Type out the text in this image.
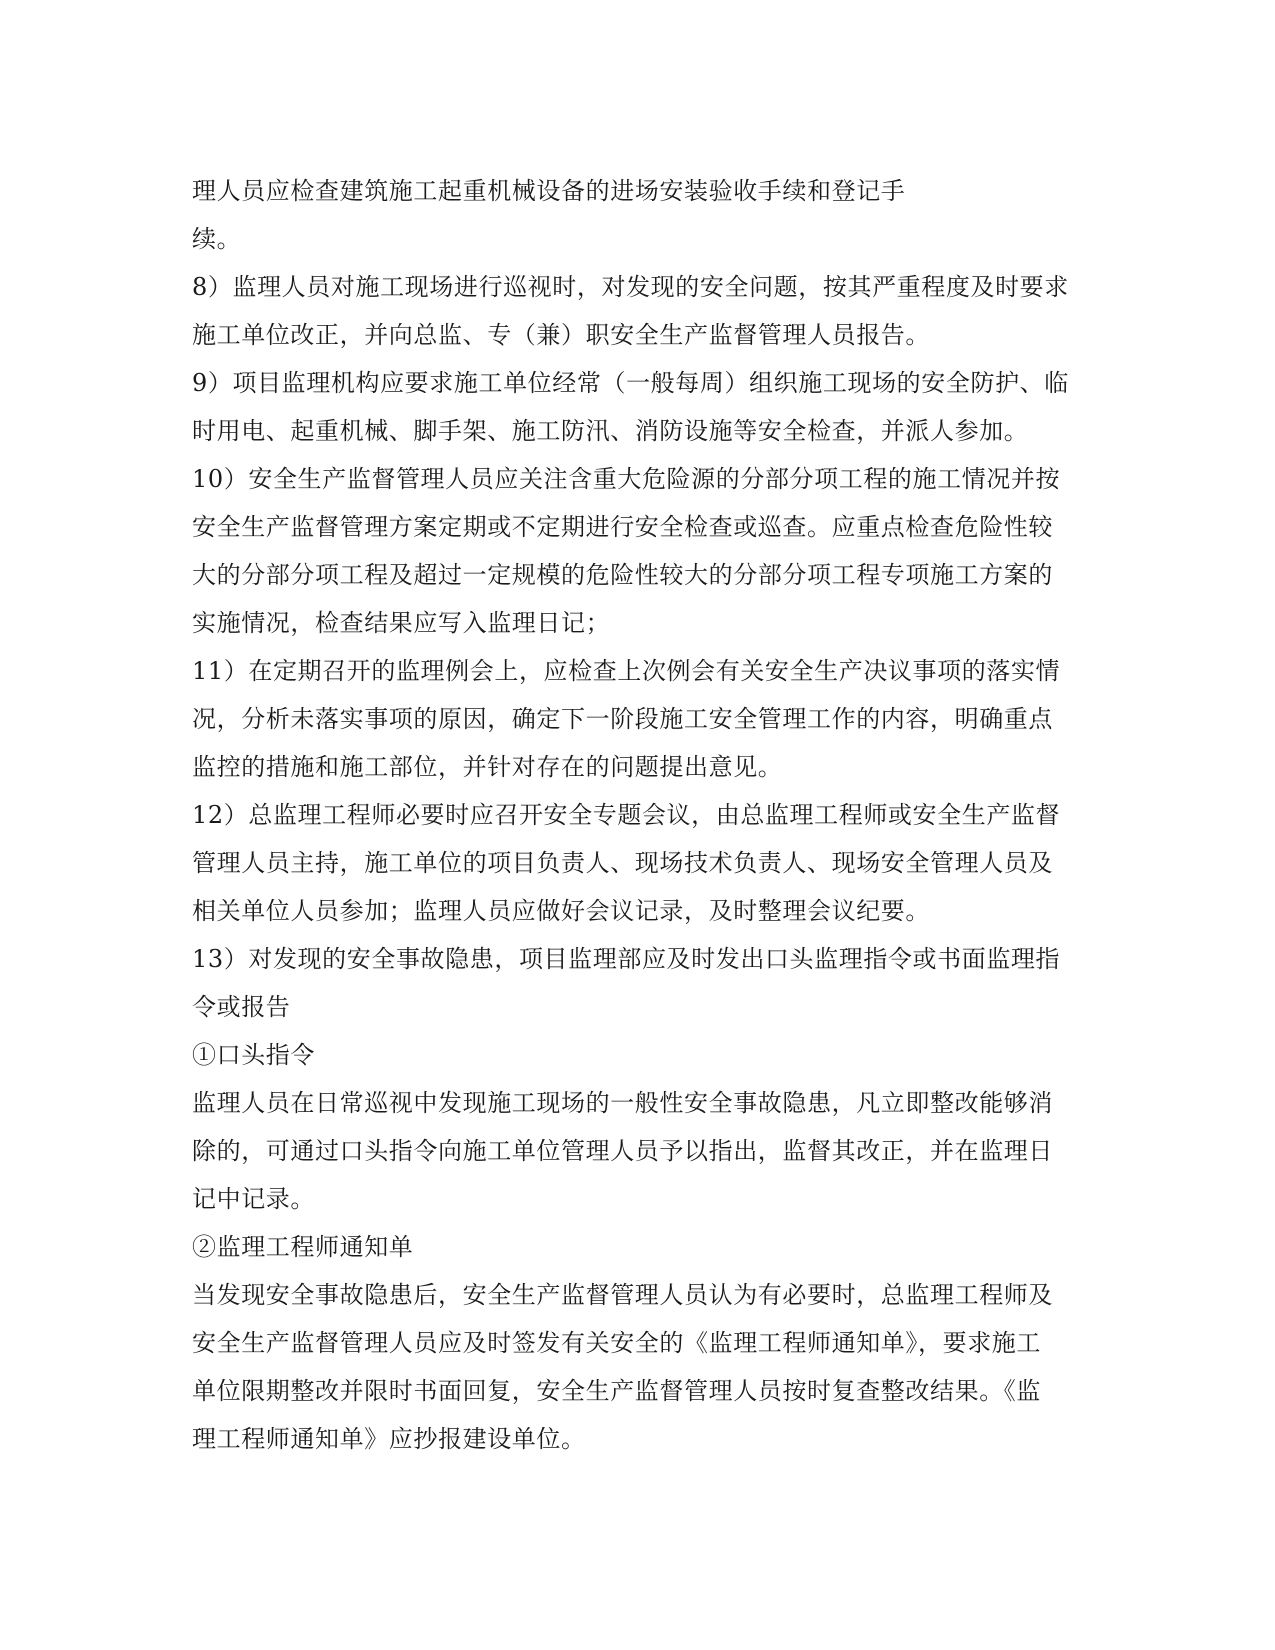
理人员应检查建筑施工起重机械设备的进场安装验收手续和登记手
续。
8）监理人员对施工现场进行巡视时，对发现的安全问题，按其严重程度及时要求
施工单位改正，并向总监、专（兼）职安全生产监督管理人员报告。
9）项目监理机构应要求施工单位经常（一般每周）组织施工现场的安全防护、临
时用电、起重机械、脚手架、施工防汛、消防设施等安全检查，并派人参加。
10）安全生产监督管理人员应关注含重大危险源的分部分项工程的施工情况并按
安全生产监督管理方案定期或不定期进行安全检查或巡查。应重点检查危险性较
大的分部分项工程及超过一定规模的危险性较大的分部分项工程专项施工方案的
实施情况，检查结果应写入监理日记；
11）在定期召开的监理例会上，应检查上次例会有关安全生产决议事项的落实情
况，分析未落实事项的原因，确定下一阶段施工安全管理工作的内容，明确重点
监控的措施和施工部位，并针对存在的问题提出意见。
12）总监理工程师必要时应召开安全专题会议，由总监理工程师或安全生产监督
管理人员主持，施工单位的项目负责人、现场技术负责人、现场安全管理人员及
相关单位人员参加；监理人员应做好会议记录，及时整理会议纪要。
13）对发现的安全事故隐患，项目监理部应及时发出口头监理指令或书面监理指
令或报告
①口头指令
监理人员在日常巡视中发现施工现场的一般性安全事故隐患，凡立即整改能够消
除的，可通过口头指令向施工单位管理人员予以指出，监督其改正，并在监理日
记中记录。
②监理工程师通知单
当发现安全事故隐患后，安全生产监督管理人员认为有必要时，总监理工程师及
安全生产监督管理人员应及时签发有关安全的《监理工程师通知单》，要求施工
单位限期整改并限时书面回复，安全生产监督管理人员按时复查整改结果。《监
理工程师通知单》应抄报建设单位。
